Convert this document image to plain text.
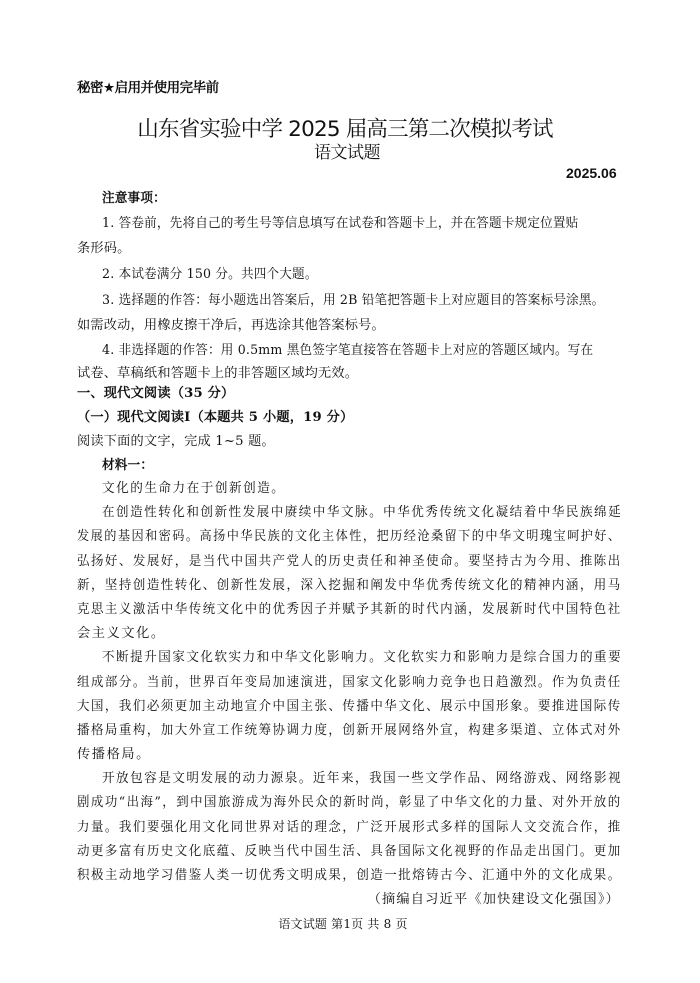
秘密★启用并使用完毕前
山东省实验中学 2025 届高三第二次模拟考试
语文试题
2025.06
注意事项：
1. 答卷前，先将自己的考生号等信息填写在试卷和答题卡上，并在答题卡规定位置贴
条形码。
2. 本试卷满分 150 分。共四个大题。
3. 选择题的作答：每小题选出答案后，用 2B 铅笔把答题卡上对应题目的答案标号涂黑。
如需改动，用橡皮擦干净后，再选涂其他答案标号。
4. 非选择题的作答：用 0.5mm 黑色签字笔直接答在答题卡上对应的答题区域内。写在
试卷、草稿纸和答题卡上的非答题区域均无效。
一、现代文阅读（35 分）
（一）现代文阅读Ⅰ（本题共 5 小题，19 分）
阅读下面的文字，完成 1~5 题。
材料一：
文化的生命力在于创新创造。
在创造性转化和创新性发展中赓续中华文脉。中华优秀传统文化凝结着中华民族绵延
发展的基因和密码。高扬中华民族的文化主体性，把历经沧桑留下的中华文明瑰宝呵护好、
弘扬好、发展好，是当代中国共产党人的历史责任和神圣使命。要坚持古为今用、推陈出
新，坚持创造性转化、创新性发展，深入挖掘和阐发中华优秀传统文化的精神内涵，用马
克思主义激活中华传统文化中的优秀因子并赋予其新的时代内涵，发展新时代中国特色社
会主义文化。
不断提升国家文化软实力和中华文化影响力。文化软实力和影响力是综合国力的重要
组成部分。当前，世界百年变局加速演进，国家文化影响力竞争也日趋激烈。作为负责任
大国，我们必须更加主动地宣介中国主张、传播中华文化、展示中国形象。要推进国际传
播格局重构，加大外宣工作统筹协调力度，创新开展网络外宣，构建多渠道、立体式对外
传播格局。
开放包容是文明发展的动力源泉。近年来，我国一些文学作品、网络游戏、网络影视
剧成功“出海”，到中国旅游成为海外民众的新时尚，彰显了中华文化的力量、对外开放的
力量。我们要强化用文化同世界对话的理念，广泛开展形式多样的国际人文交流合作，推
动更多富有历史文化底蕴、反映当代中国生活、具备国际文化视野的作品走出国门。更加
积极主动地学习借鉴人类一切优秀文明成果，创造一批熔铸古今、汇通中外的文化成果。
（摘编自习近平《加快建设文化强国》）
语文试题 第1页 共 8 页
